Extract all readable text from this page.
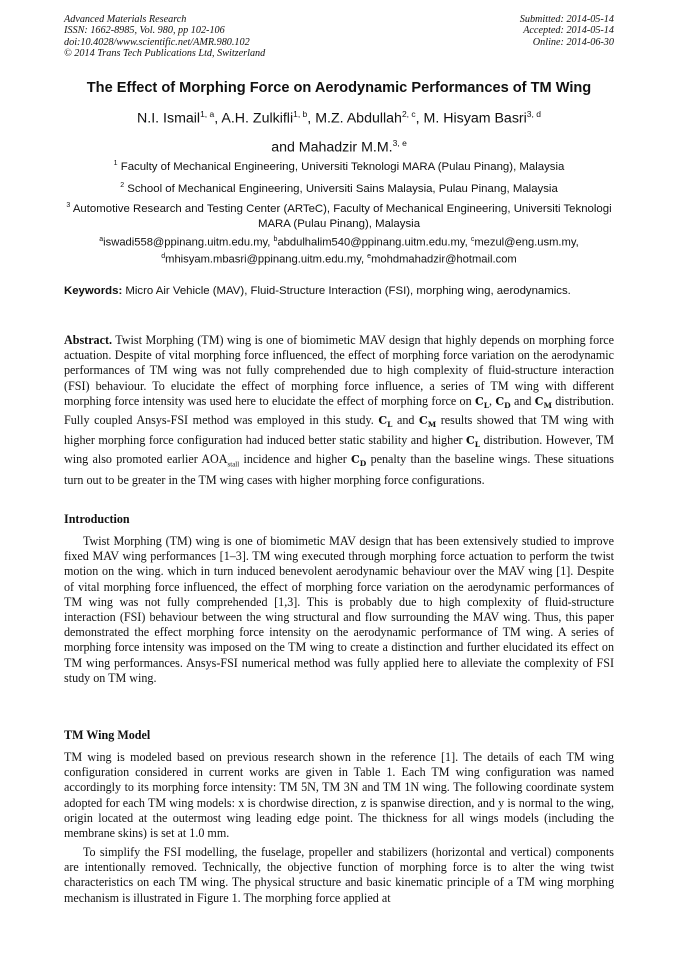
Advanced Materials Research
ISSN: 1662-8985, Vol. 980, pp 102-106
doi:10.4028/www.scientific.net/AMR.980.102
© 2014 Trans Tech Publications Ltd, Switzerland
Submitted: 2014-05-14
Accepted: 2014-05-14
Online: 2014-06-30
The Effect of Morphing Force on Aerodynamic Performances of TM Wing
N.I. Ismail$^{1, a}$, A.H. Zulkifli$^{1, b}$, M.Z. Abdullah$^{2, c}$, M. Hisyam Basri$^{3, d}$
and Mahadzir M.M.$^{3, e}$
$^1$ Faculty of Mechanical Engineering, Universiti Teknologi MARA (Pulau Pinang), Malaysia
$^2$ School of Mechanical Engineering, Universiti Sains Malaysia, Pulau Pinang, Malaysia
$^3$ Automotive Research and Testing Center (ARTeC), Faculty of Mechanical Engineering, Universiti Teknologi MARA (Pulau Pinang), Malaysia
$^a$iswadi558@ppinang.uitm.edu.my, $^b$abdulhalim540@ppinang.uitm.edu.my, $^c$mezul@eng.usm.my,
$^d$mhisyam.mbasri@ppinang.uitm.edu.my, $^e$mohdmahadzir@hotmail.com
Keywords: Micro Air Vehicle (MAV), Fluid-Structure Interaction (FSI), morphing wing, aerodynamics.
Abstract. Twist Morphing (TM) wing is one of biomimetic MAV design that highly depends on morphing force actuation. Despite of vital morphing force influenced, the effect of morphing force variation on the aerodynamic performances of TM wing was not fully comprehended due to high complexity of fluid-structure interaction (FSI) behaviour. To elucidate the effect of morphing force influence, a series of TM wing with different morphing force intensity was used here to elucidate the effect of morphing force on $C_L$, $C_D$ and $C_M$ distribution. Fully coupled Ansys-FSI method was employed in this study. $C_L$ and $C_M$ results showed that TM wing with higher morphing force configuration had induced better static stability and higher $C_L$ distribution. However, TM wing also promoted earlier $AOA_{stall}$ incidence and higher $C_D$ penalty than the baseline wings. These situations turn out to be greater in the TM wing cases with higher morphing force configurations.
Introduction
Twist Morphing (TM) wing is one of biomimetic MAV design that has been extensively studied to improve fixed MAV wing performances [1–3]. TM wing executed through morphing force actuation to perform the twist motion on the wing. which in turn induced benevolent aerodynamic behaviour over the MAV wing [1]. Despite of vital morphing force influenced, the effect of morphing force variation on the aerodynamic performances of TM wing was not fully comprehended [1,3]. This is probably due to high complexity of fluid-structure interaction (FSI) behaviour between the wing structural and flow surrounding the MAV wing. Thus, this paper demonstrated the effect morphing force intensity on the aerodynamic performance of TM wing. A series of morphing force intensity was imposed on the TM wing to create a distinction and further elucidated its effect on TM wing performances. Ansys-FSI numerical method was fully applied here to alleviate the complexity of FSI study on TM wing.
TM Wing Model
TM wing is modeled based on previous research shown in the reference [1]. The details of each TM wing configuration considered in current works are given in Table 1. Each TM wing configuration was named accordingly to its morphing force intensity: TM 5N, TM 3N and TM 1N wing. The following coordinate system adopted for each TM wing models: x is chordwise direction, z is spanwise direction, and y is normal to the wing, origin located at the outermost wing leading edge point. The thickness for all wings models (including the membrane skins) is set at 1.0 mm.
To simplify the FSI modelling, the fuselage, propeller and stabilizers (horizontal and vertical) components are intentionally removed. Technically, the objective function of morphing force is to alter the wing twist characteristics on each TM wing. The physical structure and basic kinematic principle of a TM wing morphing mechanism is illustrated in Figure 1. The morphing force applied at
